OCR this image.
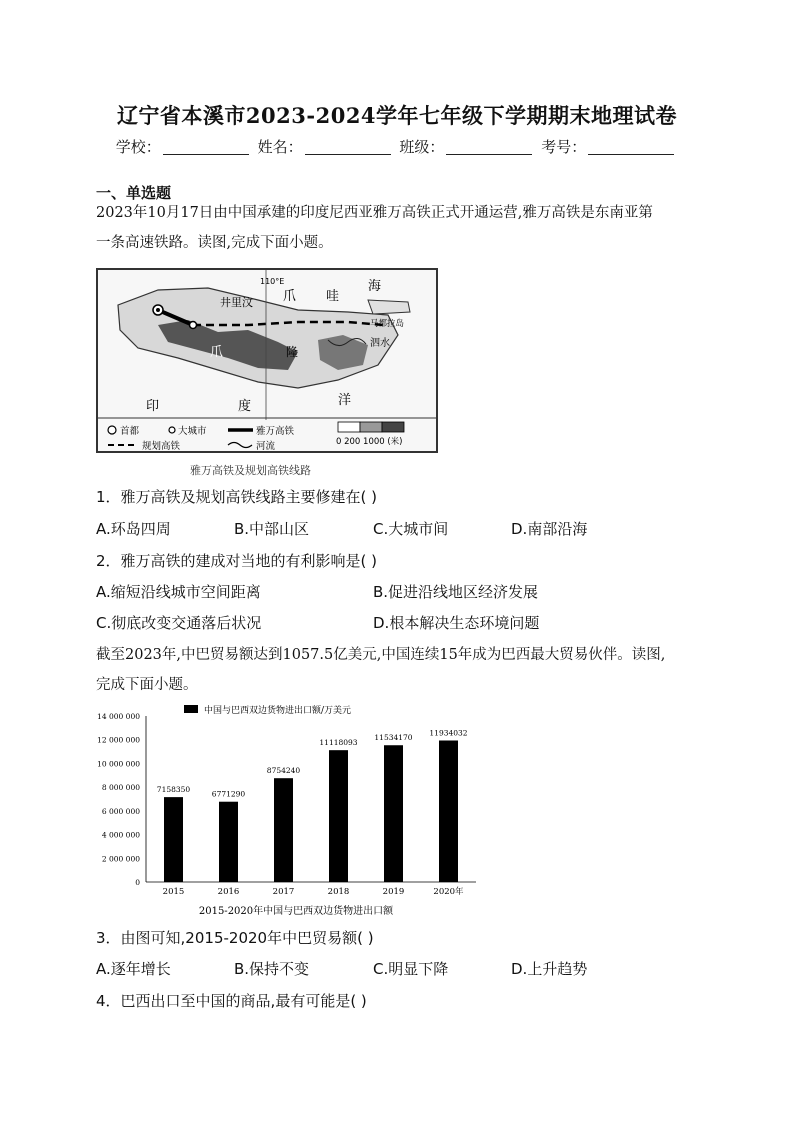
辽宁省本溪市2023-2024学年七年级下学期期末地理试卷
学校：	姓名：	班级：	考号：
一、单选题
2023年10月17日由中国承建的印度尼西亚雅万高铁正式开通运营,雅万高铁是东南亚第
一条高速铁路。读图,完成下面小题。
110°E
爪 哇
海
井里汶
马都拉岛
泗水
爪	隆
印	度	洋
首都	大城市	雅万高铁
规划高铁	河流	0 200 1000 (米)
雅万高铁及规划高铁线路
1．雅万高铁及规划高铁线路主要修建在( )
A.环岛四周	B.中部山区	C.大城市间	D.南部沿海
2．雅万高铁的建成对当地的有利影响是( )
A.缩短沿线城市空间距离	B.促进沿线地区经济发展
C.彻底改变交通落后状况	D.根本解决生态环境问题
截至2023年,中巴贸易额达到1057.5亿美元,中国连续15年成为巴西最大贸易伙伴。读图,
完成下面小题。
中国与巴西双边货物进出口额/万美元
2015-2020年中国与巴西双边货物进出口额
0
2 000 000
4 000 000
6 000 000
8 000 000
10 000 000
12 000 000
14 000 000
7158350
2015
6771290
2016
8754240
2017
11118093
2018
11534170
2019
11934032
2020年
3．由图可知,2015-2020年中巴贸易额( )
A.逐年增长	B.保持不变	C.明显下降	D.上升趋势
4．巴西出口至中国的商品,最有可能是( )
